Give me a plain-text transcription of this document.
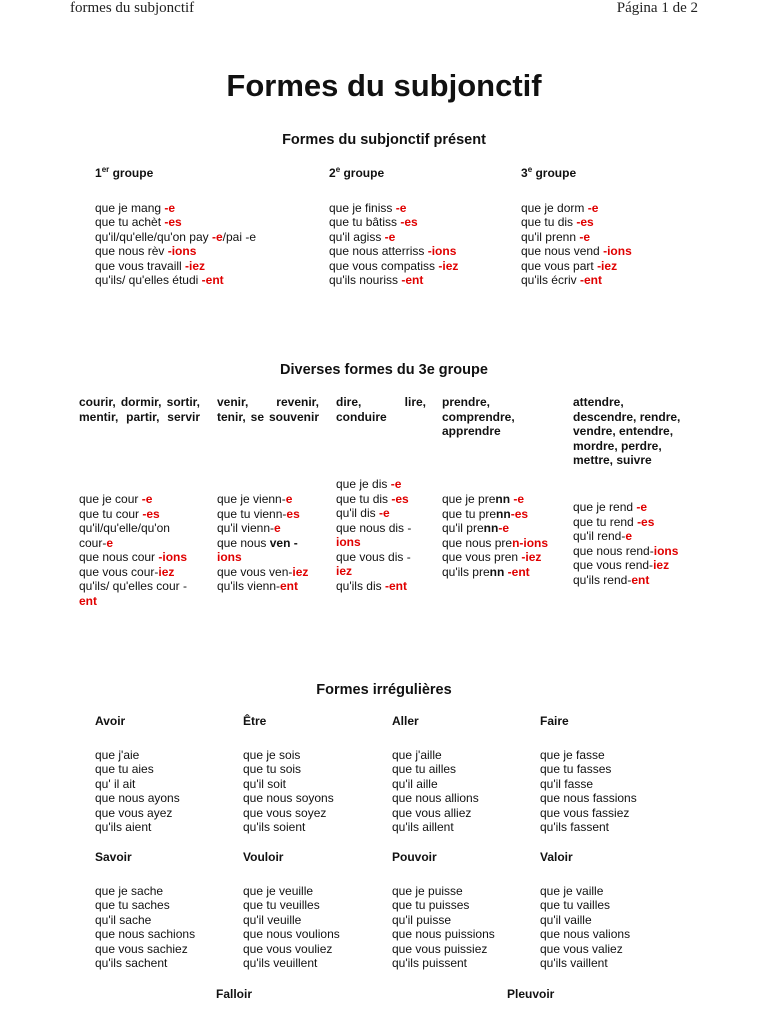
formes du subjonctif	Página 1 de 2
Formes du subjonctif
Formes du subjonctif présent
1er groupe
que je mang -e
que tu achèt -es
qu'il/qu'elle/qu'on pay -e/pai -e
que nous rèv -ions
que vous travaill -iez
qu'ils/ qu'elles étudi -ent
2e groupe
que je finiss -e
que tu bâtiss -es
qu'il agiss -e
que nous atterriss -ions
que vous compatiss -iez
qu'ils nouriss -ent
3e groupe
que je dorm -e
que tu dis -es
qu'il prenn -e
que nous vend -ions
que vous part -iez
qu'ils écriv -ent
Diverses formes du 3e groupe
courir, dormir, sortir, mentir, partir, servir
que je cour -e
que tu cour -es
qu'il/qu'elle/qu'on
cour-e
que nous cour -ions
que vous cour-iez
qu'ils/ qu'elles cour -
ent
venir, revenir, tenir, se souvenir
que je vienn-e
que tu vienn-es
qu'il vienn-e
que nous ven -
ions
que vous ven-iez
qu'ils vienn-ent
dire, lire, conduire
que je dis -e
que tu dis -es
qu'il dis -e
que nous dis -
ions
que vous dis -
iez
qu'ils dis -ent
prendre, comprendre, apprendre
que je prenn -e
que tu prenn-es
qu'il prenn-e
que nous pren-ions
que vous pren -iez
qu'ils prenn -ent
attendre, descendre, rendre, vendre, entendre, mordre, perdre, mettre, suivre
que je rend -e
que tu rend -es
qu'il rend-e
que nous rend-ions
que vous rend-iez
qu'ils rend-ent
Formes irrégulières
Avoir
que j'aie
que tu aies
qu' il ait
que nous ayons
que vous ayez
qu'ils aient
Être
que je sois
que tu sois
qu'il soit
que nous soyons
que vous soyez
qu'ils soient
Aller
que j'aille
que tu ailles
qu'il aille
que nous allions
que vous alliez
qu'ils aillent
Faire
que je fasse
que tu fasses
qu'il fasse
que nous fassions
que vous fassiez
qu'ils fassent
Savoir
que je sache
que tu saches
qu'il sache
que nous sachions
que vous sachiez
qu'ils sachent
Vouloir
que je veuille
que tu veuilles
qu'il veuille
que nous voulions
que vous vouliez
qu'ils veuillent
Pouvoir
que je puisse
que tu puisses
qu'il puisse
que nous puissions
que vous puissiez
qu'ils puissent
Valoir
que je vaille
que tu vailles
qu'il vaille
que nous valions
que vous valiez
qu'ils vaillent
Falloir	Pleuvoir
